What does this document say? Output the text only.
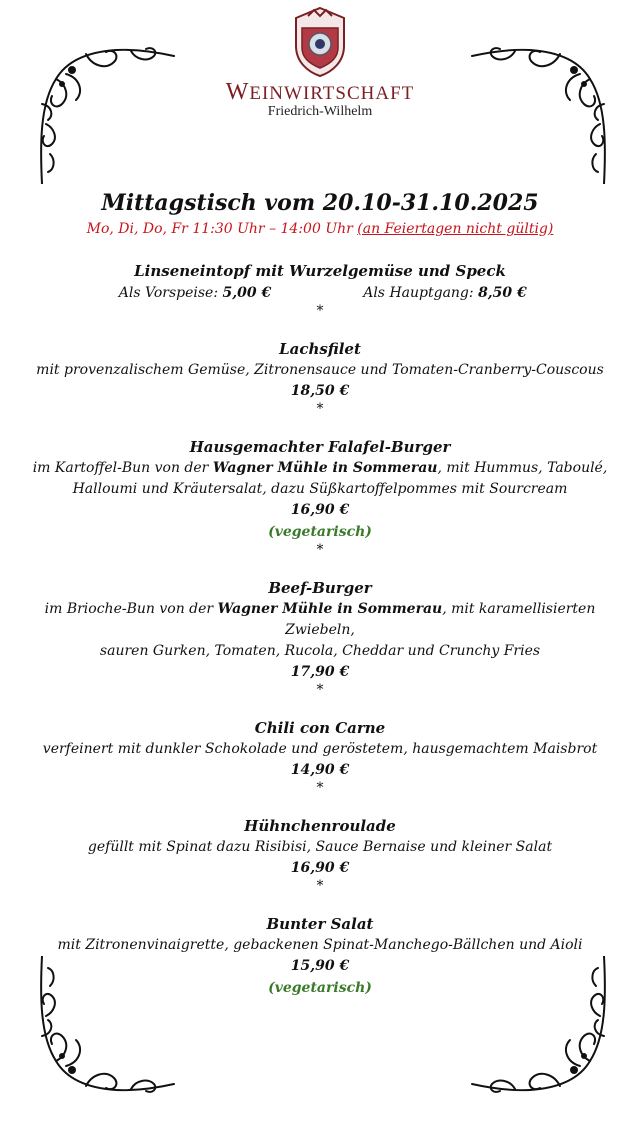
WEINWIRTSCHAFT
Friedrich-Wilhelm
Mittagstisch vom 20.10-31.10.2025
Mo, Di, Do, Fr 11:30 Uhr – 14:00 Uhr (an Feiertagen nicht gültig)
Linseneintopf mit Wurzelgemüse und Speck
Als Vorspeise: 5,00 €	Als Hauptgang: 8,50 €
*
Lachsfilet
mit provenzalischem Gemüse, Zitronensauce und Tomaten-Cranberry-Couscous
18,50 €
*
Hausgemachter Falafel-Burger
im Kartoffel-Bun von der Wagner Mühle in Sommerau, mit Hummus, Taboulé,
Halloumi und Kräutersalat, dazu Süßkartoffelpommes mit Sourcream
16,90 €
(vegetarisch)
*
Beef-Burger
im Brioche-Bun von der Wagner Mühle in Sommerau, mit karamellisierten Zwiebeln,
sauren Gurken, Tomaten, Rucola, Cheddar und Crunchy Fries
17,90 €
*
Chili con Carne
verfeinert mit dunkler Schokolade und geröstetem, hausgemachtem Maisbrot
14,90 €
*
Hühnchenroulade
gefüllt mit Spinat dazu Risibisi, Sauce Bernaise und kleiner Salat
16,90 €
*
Bunter Salat
mit Zitronenvinaigrette, gebackenen Spinat-Manchego-Bällchen und Aioli
15,90 €
(vegetarisch)
